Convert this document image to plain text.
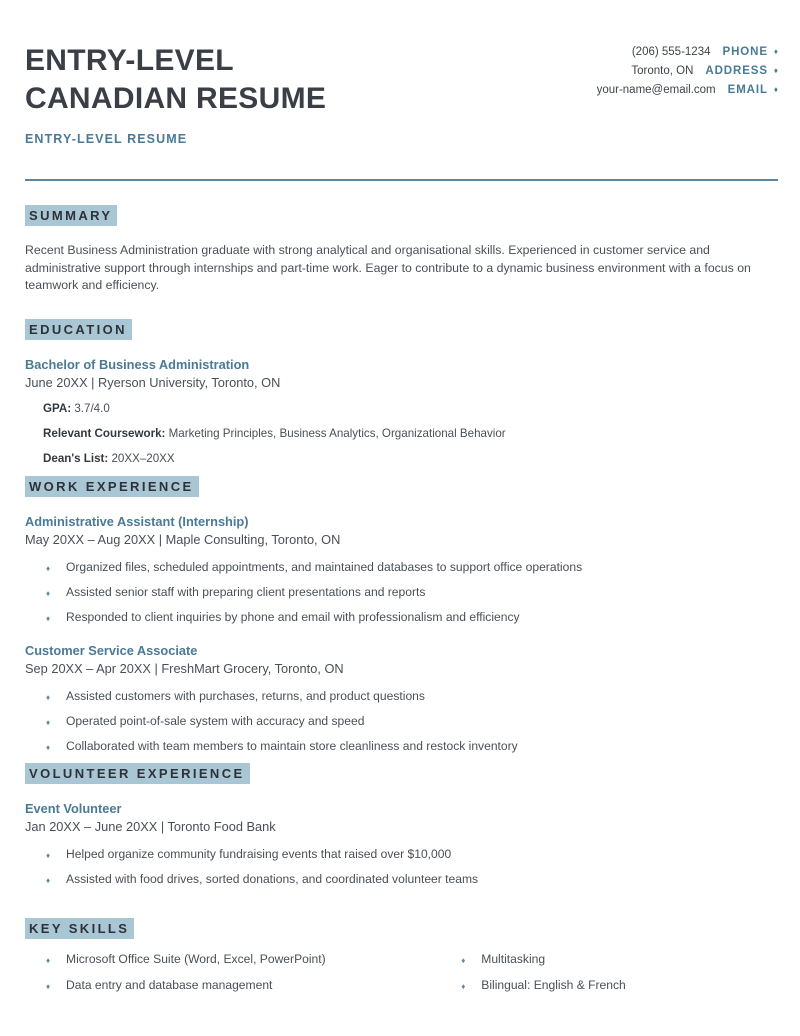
ENTRY-LEVEL
CANADIAN RESUME
ENTRY-LEVEL RESUME
(206) 555-1234 PHONE ♦
Toronto, ON ADDRESS ♦
your-name@email.com EMAIL ♦
SUMMARY
Recent Business Administration graduate with strong analytical and organisational skills. Experienced in customer service and administrative support through internships and part-time work. Eager to contribute to a dynamic business environment with a focus on teamwork and efficiency.
EDUCATION
Bachelor of Business Administration
June 20XX | Ryerson University, Toronto, ON
GPA: 3.7/4.0
Relevant Coursework: Marketing Principles, Business Analytics, Organizational Behavior
Dean's List: 20XX–20XX
WORK EXPERIENCE
Administrative Assistant (Internship)
May 20XX – Aug 20XX | Maple Consulting, Toronto, ON
♦ Organized files, scheduled appointments, and maintained databases to support office operations
♦ Assisted senior staff with preparing client presentations and reports
♦ Responded to client inquiries by phone and email with professionalism and efficiency
Customer Service Associate
Sep 20XX – Apr 20XX | FreshMart Grocery, Toronto, ON
♦ Assisted customers with purchases, returns, and product questions
♦ Operated point-of-sale system with accuracy and speed
♦ Collaborated with team members to maintain store cleanliness and restock inventory
VOLUNTEER EXPERIENCE
Event Volunteer
Jan 20XX – June 20XX | Toronto Food Bank
♦ Helped organize community fundraising events that raised over $10,000
♦ Assisted with food drives, sorted donations, and coordinated volunteer teams
KEY SKILLS
♦ Microsoft Office Suite (Word, Excel, PowerPoint)
♦ Data entry and database management
♦ Multitasking
♦ Bilingual: English & French
